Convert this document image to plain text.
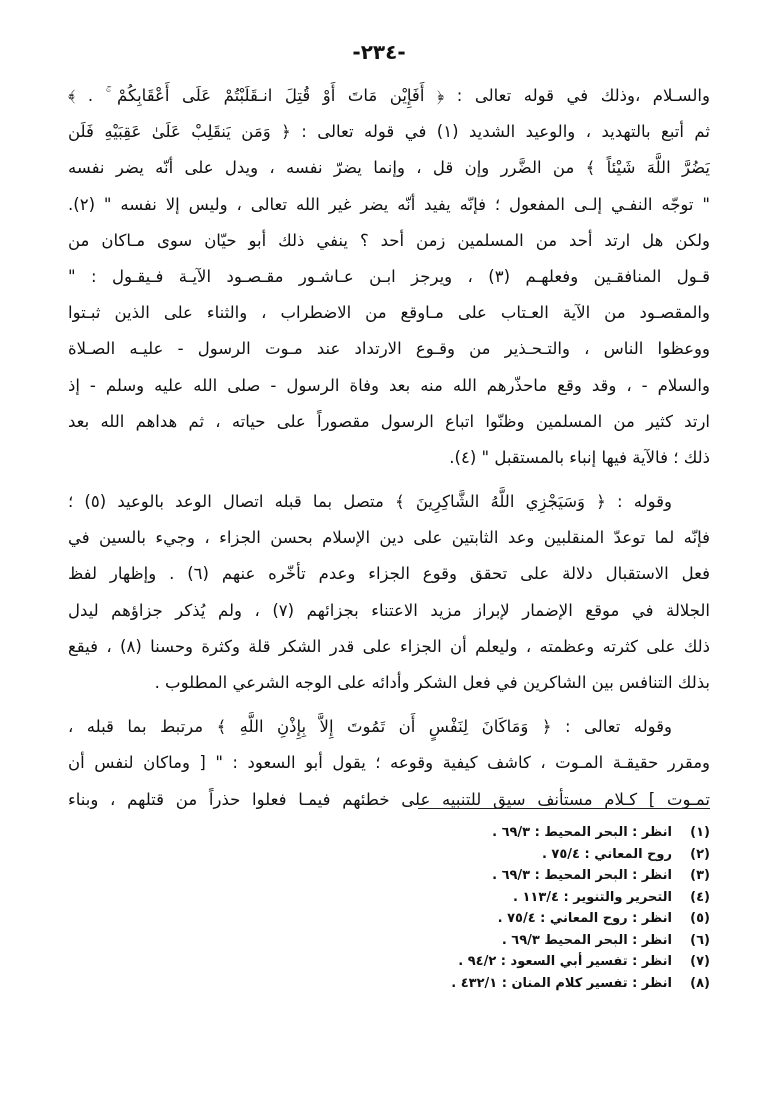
-٢٣٤-
والسـلام ،وذلك في قوله تعالى : ﴿ أَفَإِيْن مَاتَ أَوْ قُتِلَ انـقَلَبْتُمْ عَلَى أَعْقَابِكُمْ ۚ . ﴾
ثم أتبع بالتهديد ، والوعيد الشديد (١) في قوله تعالى : ﴿ وَمَن يَنقَلِبْ عَلَىٰ عَقِبَيْهِ فَلَن
يَضُرَّ اللَّهَ شَيْئاً ﴾ من الضَّرر وإن قل ، وإنما يضرّ نفسه ، ويدل على أنّه يضر نفسه
" توجّه النفـي إلـى المفعول ؛ فإنّه يفيد أنّه يضر غير الله تعالى ، وليس إلا نفسه " (٢).
ولكن هل ارتد أحد من المسلمين زمن أحد ؟ ينفي ذلك أبو حيّان سوى مـاكان من
قـول المنافقـين وفعلهـم (٣) ، ويرجز ابـن عـاشـور مقـصـود الآيـة فـيقـول : "
والمقصـود من الآية العـتاب على مـاوقع من الاضطراب ، والثناء على الذين ثبـتوا
ووعظوا الناس ، والتـحـذير من وقـوع الارتداد عند مـوت الرسول - عليـه الصـلاة
والسلام - ، وقد وقع ماحذّرهم الله منه بعد وفاة الرسول - صلى الله عليه وسلم - إذ
ارتد كثير من المسلمين وظنّوا اتباع الرسول مقصوراً على حياته ، ثم هداهم الله بعد
ذلك ؛ فالآية فيها إنباء بالمستقبل " (٤).
وقوله : ﴿ وَسَيَجْزِي اللَّهُ الشَّاكِرِينَ ﴾ متصل بما قبله اتصال الوعد بالوعيد (٥) ؛
فإنّه لما توعدّ المنقلبين وعد الثابتين على دين الإسلام بحسن الجزاء ، وجيء بالسين في
فعل الاستقبال دلالة على تحقق وقوع الجزاء وعدم تأخّره عنهم (٦) . وإظهار لفظ
الجلالة في موقع الإضمار لإبراز مزيد الاعتناء بجزائهم (٧) ، ولم يُذكر جزاؤهم ليدل
ذلك على كثرته وعظمته ، وليعلم أن الجزاء على قدر الشكر قلة وكثرة وحسنا (٨) ، فيقع
بذلك التنافس بين الشاكرين في فعل الشكر وأدائه على الوجه الشرعي المطلوب .
وقوله تعالى : ﴿ وَمَاكَانَ لِنَفْسٍ أَن تَمُوتَ إِلاَّ بِإِذْنِ اللَّهِ ﴾ مرتبط بما قبله ،
ومقرر حقيقـة المـوت ، كاشف كيفية وقوعه ؛ يقول أبو السعود : " [ وماكان لنفس أن
تمـوت ] كـلام مستأنف سيق للتنبيه على خطئهم فيمـا فعلوا حذراً من قتلهم ، وبناء
(١)انظر : البحر المحيط : ٦٩/٣ .
(٢)روح المعاني : ٧٥/٤ .
(٣)انظر : البحر المحيط : ٦٩/٣ .
(٤)التحرير والتنوير : ١١٣/٤ .
(٥)انظر : روح المعاني : ٧٥/٤ .
(٦)انظر : البحر المحيط ٦٩/٣ .
(٧)انظر : تفسير أبي السعود : ٩٤/٢ .
(٨)انظر : تفسير كلام المنان : ٤٣٢/١ .
